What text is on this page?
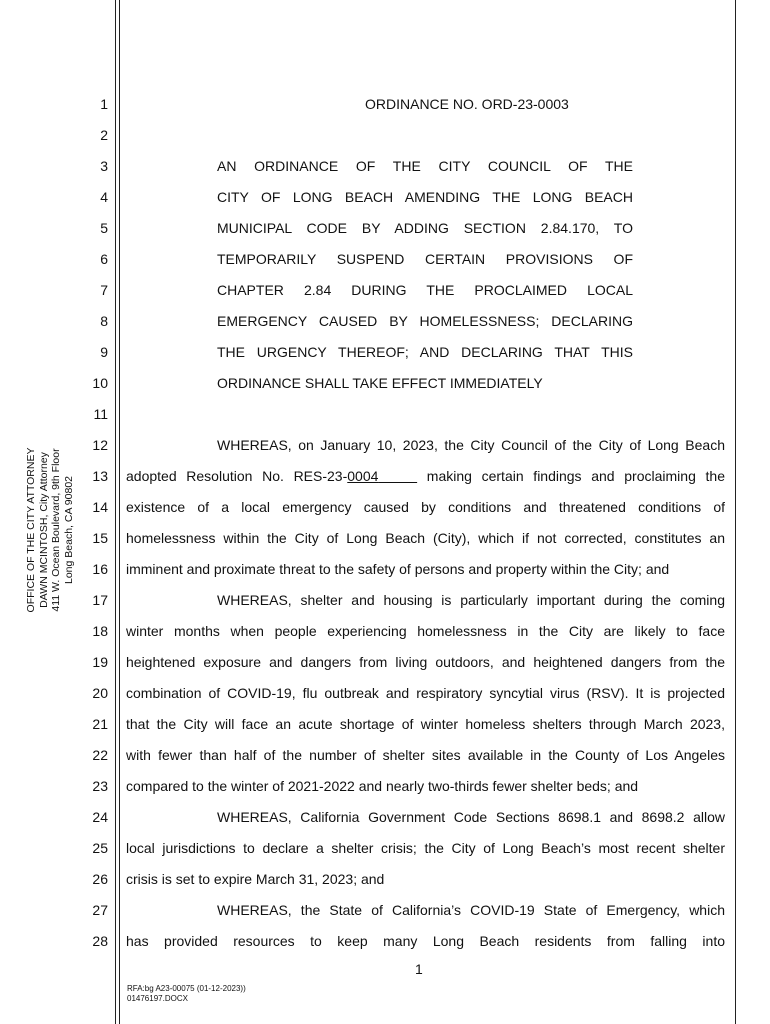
OFFICE OF THE CITY ATTORNEY DAWN MCINTOSH, City Attorney 411 W. Ocean Boulevard, 9th Floor Long Beach, CA 90802
1
2
3
4
5
6
7
8
9
10
11
12
13
14
15
16
17
18
19
20
21
22
23
24
25
26
27
28
ORDINANCE NO. ORD-23-0003
AN ORDINANCE OF THE CITY COUNCIL OF THE
CITY OF LONG BEACH AMENDING THE LONG BEACH
MUNICIPAL CODE BY ADDING SECTION 2.84.170, TO
TEMPORARILY SUSPEND CERTAIN PROVISIONS OF
CHAPTER 2.84 DURING THE PROCLAIMED LOCAL
EMERGENCY CAUSED BY HOMELESSNESS; DECLARING
THE URGENCY THEREOF; AND DECLARING THAT THIS
ORDINANCE SHALL TAKE EFFECT IMMEDIATELY
WHEREAS, on January 10, 2023, the City Council of the City of Long Beach
adopted Resolution No. RES-23-0004	making certain findings and proclaiming the
existence of a local emergency caused by conditions and threatened conditions of
homelessness within the City of Long Beach (City), which if not corrected, constitutes an
imminent and proximate threat to the safety of persons and property within the City; and
WHEREAS, shelter and housing is particularly important during the coming
winter months when people experiencing homelessness in the City are likely to face
heightened exposure and dangers from living outdoors, and heightened dangers from the
combination of COVID-19, flu outbreak and respiratory syncytial virus (RSV). It is projected
that the City will face an acute shortage of winter homeless shelters through March 2023,
with fewer than half of the number of shelter sites available in the County of Los Angeles
compared to the winter of 2021-2022 and nearly two-thirds fewer shelter beds; and
WHEREAS, California Government Code Sections 8698.1 and 8698.2 allow
local jurisdictions to declare a shelter crisis; the City of Long Beach’s most recent shelter
crisis is set to expire March 31, 2023; and
WHEREAS, the State of California’s COVID-19 State of Emergency, which
has provided resources to keep many Long Beach residents from falling into
1
RFA:bg A23-00075 (01-12-2023))
01476197.DOCX
